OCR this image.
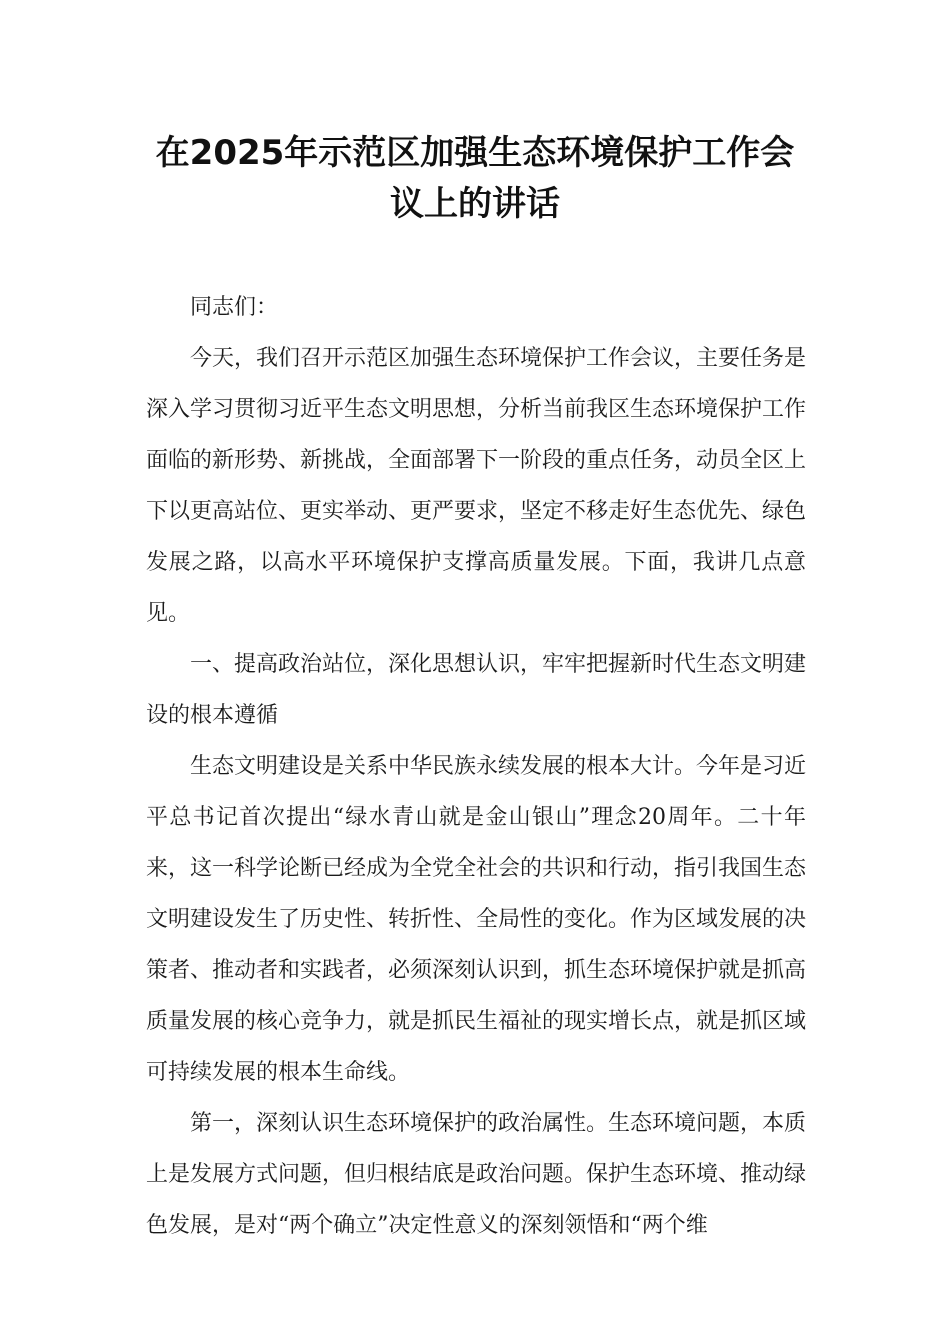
在2025年示范区加强生态环境保护工作会
议上的讲话

同志们：

今天，我们召开示范区加强生态环境保护工作会议，主要任务是深入学习贯彻习近平生态文明思想，分析当前我区生态环境保护工作面临的新形势、新挑战，全面部署下一阶段的重点任务，动员全区上下以更高站位、更实举动、更严要求，坚定不移走好生态优先、绿色发展之路，以高水平环境保护支撑高质量发展。下面，我讲几点意见。

一、提高政治站位，深化思想认识，牢牢把握新时代生态文明建设的根本遵循

生态文明建设是关系中华民族永续发展的根本大计。今年是习近平总书记首次提出“绿水青山就是金山银山”理念20周年。二十年来，这一科学论断已经成为全党全社会的共识和行动，指引我国生态文明建设发生了历史性、转折性、全局性的变化。作为区域发展的决策者、推动者和实践者，必须深刻认识到，抓生态环境保护就是抓高质量发展的核心竞争力，就是抓民生福祉的现实增长点，就是抓区域可持续发展的根本生命线。

第一，深刻认识生态环境保护的政治属性。生态环境问题，本质上是发展方式问题，但归根结底是政治问题。保护生态环境、推动绿色发展，是对“两个确立”决定性意义的深刻领悟和“两个维
